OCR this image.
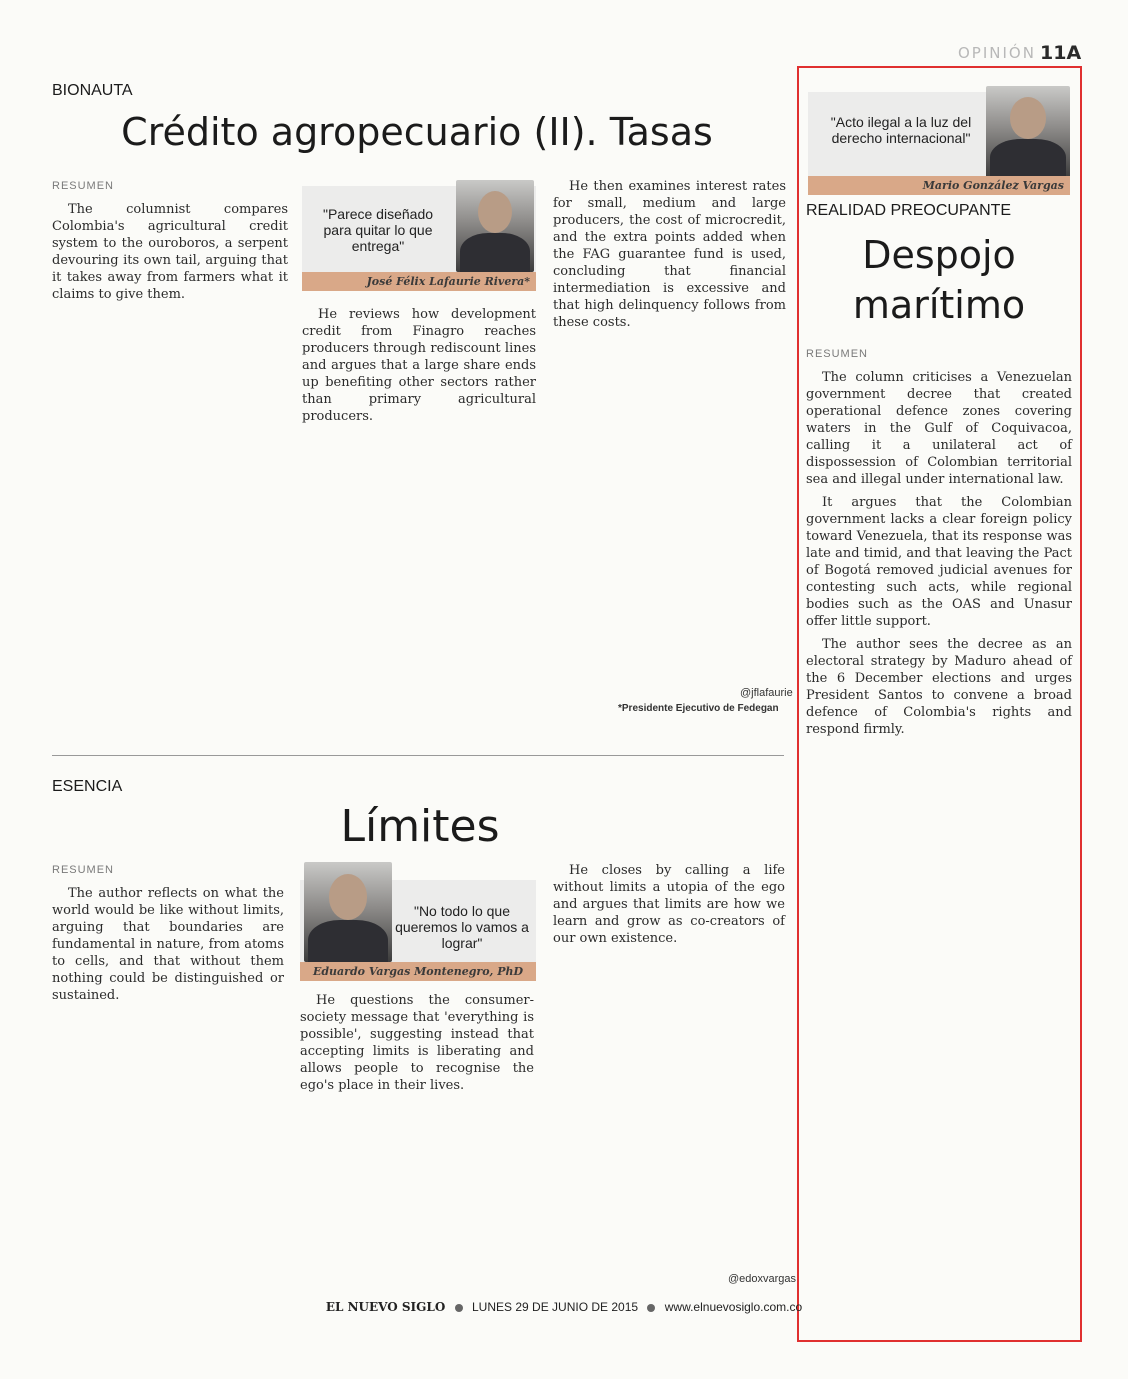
OPINIÓN 11A
BIONAUTA
Crédito agropecuario (II). Tasas
RESUMEN

The columnist compares Colombia's agricultural credit system to the ouroboros, a serpent devouring its own tail, arguing that it takes away from farmers what it claims to give them.

"Parece diseñado para quitar lo que entrega"
José Félix Lafaurie Rivera*

He reviews how development credit from Finagro reaches producers through rediscount lines and argues that a large share ends up benefiting other sectors rather than primary agricultural producers.

He then examines interest rates for small, medium and large producers, the cost of microcredit, and the extra points added when the FAG guarantee fund is used, concluding that financial intermediation is excessive and that high delinquency follows from these costs.

@jflafaurie
*Presidente Ejecutivo de Fedegan
ESENCIA
Límites
RESUMEN

The author reflects on what the world would be like without limits, arguing that boundaries are fundamental in nature, from atoms to cells, and that without them nothing could be distinguished or sustained.

"No todo lo que queremos lo vamos a lograr"
Eduardo Vargas Montenegro, PhD

He questions the consumer-society message that 'everything is possible', suggesting instead that accepting limits is liberating and allows people to recognise the ego's place in their lives.

He closes by calling a life without limits a utopia of the ego and argues that limits are how we learn and grow as co-creators of our own existence.

@edoxvargas
"Acto ilegal a la luz del derecho internacional"
Mario González Vargas
REALIDAD PREOCUPANTE
Despojo marítimo
RESUMEN

The column criticises a Venezuelan government decree that created operational defence zones covering waters in the Gulf of Coquivacoa, calling it a unilateral act of dispossession of Colombian territorial sea and illegal under international law.

It argues that the Colombian government lacks a clear foreign policy toward Venezuela, that its response was late and timid, and that leaving the Pact of Bogotá removed judicial avenues for contesting such acts, while regional bodies such as the OAS and Unasur offer little support.

The author sees the decree as an electoral strategy by Maduro ahead of the 6 December elections and urges President Santos to convene a broad defence of Colombia's rights and respond firmly.

EL NUEVO SIGLO LUNES 29 DE JUNIO DE 2015 www.elnuevosiglo.com.co
